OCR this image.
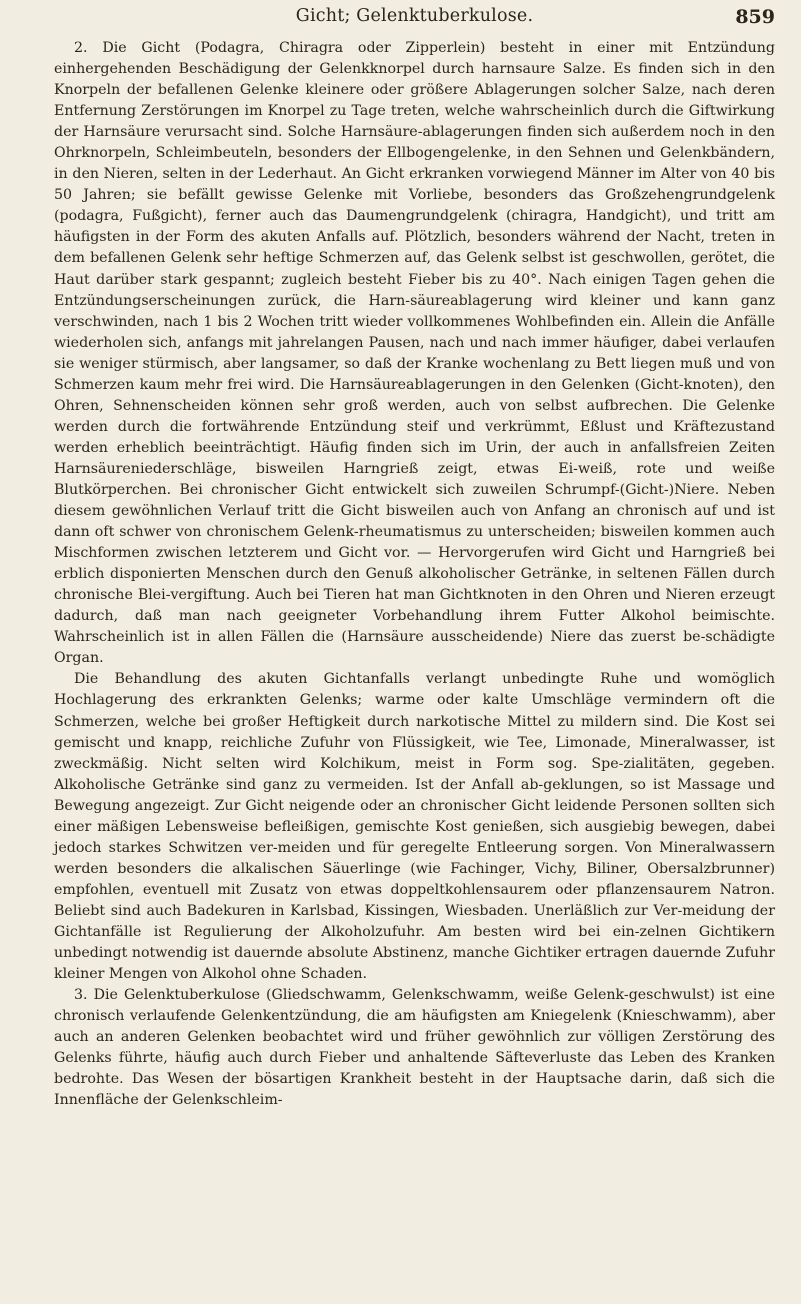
Gicht; Gelenktuberkulose.	859

2. Die Gicht (Podagra, Chiragra oder Zipperlein) besteht in einer mit Entzündung einhergehenden Beschädigung der Gelenkknorpel durch harnsaure Salze. Es finden sich in den Knorpeln der befallenen Gelenke kleinere oder größere Ablagerungen solcher Salze, nach deren Entfernung Zerstörungen im Knorpel zu Tage treten, welche wahrscheinlich durch die Giftwirkung der Harnsäure verursacht sind. Solche Harnsäure-ablagerungen finden sich außerdem noch in den Ohrknorpeln, Schleimbeuteln, besonders der Ellbogengelenke, in den Sehnen und Gelenkbändern, in den Nieren, selten in der Lederhaut. An Gicht erkranken vorwiegend Männer im Alter von 40 bis 50 Jahren; sie befällt gewisse Gelenke mit Vorliebe, besonders das Großzehengrundgelenk (podagra, Fußgicht), ferner auch das Daumengrundgelenk (chiragra, Handgicht), und tritt am häufigsten in der Form des akuten Anfalls auf. Plötzlich, besonders während der Nacht, treten in dem befallenen Gelenk sehr heftige Schmerzen auf, das Gelenk selbst ist geschwollen, gerötet, die Haut darüber stark gespannt; zugleich besteht Fieber bis zu 40°. Nach einigen Tagen gehen die Entzündungserscheinungen zurück, die Harn-säureablagerung wird kleiner und kann ganz verschwinden, nach 1 bis 2 Wochen tritt wieder vollkommenes Wohlbefinden ein. Allein die Anfälle wiederholen sich, anfangs mit jahrelangen Pausen, nach und nach immer häufiger, dabei verlaufen sie weniger stürmisch, aber langsamer, so daß der Kranke wochenlang zu Bett liegen muß und von Schmerzen kaum mehr frei wird. Die Harnsäureablagerungen in den Gelenken (Gicht-knoten), den Ohren, Sehnenscheiden können sehr groß werden, auch von selbst aufbrechen. Die Gelenke werden durch die fortwährende Entzündung steif und verkrümmt, Eßlust und Kräftezustand werden erheblich beeinträchtigt. Häufig finden sich im Urin, der auch in anfallsfreien Zeiten Harnsäureniederschläge, bisweilen Harngrieß zeigt, etwas Ei-weiß, rote und weiße Blutkörperchen. Bei chronischer Gicht entwickelt sich zuweilen Schrumpf-(Gicht-)Niere. Neben diesem gewöhnlichen Verlauf tritt die Gicht bisweilen auch von Anfang an chronisch auf und ist dann oft schwer von chronischem Gelenk-rheumatismus zu unterscheiden; bisweilen kommen auch Mischformen zwischen letzterem und Gicht vor. — Hervorgerufen wird Gicht und Harngrieß bei erblich disponierten Menschen durch den Genuß alkoholischer Getränke, in seltenen Fällen durch chronische Blei-vergiftung. Auch bei Tieren hat man Gichtknoten in den Ohren und Nieren erzeugt dadurch, daß man nach geeigneter Vorbehandlung ihrem Futter Alkohol beimischte. Wahrscheinlich ist in allen Fällen die (Harnsäure ausscheidende) Niere das zuerst be-schädigte Organ.

Die Behandlung des akuten Gichtanfalls verlangt unbedingte Ruhe und womöglich Hochlagerung des erkrankten Gelenks; warme oder kalte Umschläge vermindern oft die Schmerzen, welche bei großer Heftigkeit durch narkotische Mittel zu mildern sind. Die Kost sei gemischt und knapp, reichliche Zufuhr von Flüssigkeit, wie Tee, Limonade, Mineralwasser, ist zweckmäßig. Nicht selten wird Kolchikum, meist in Form sog. Spe-zialitäten, gegeben. Alkoholische Getränke sind ganz zu vermeiden. Ist der Anfall ab-geklungen, so ist Massage und Bewegung angezeigt. Zur Gicht neigende oder an chronischer Gicht leidende Personen sollten sich einer mäßigen Lebensweise befleißigen, gemischte Kost genießen, sich ausgiebig bewegen, dabei jedoch starkes Schwitzen ver-meiden und für geregelte Entleerung sorgen. Von Mineralwassern werden besonders die alkalischen Säuerlinge (wie Fachinger, Vichy, Biliner, Obersalzbrunner) empfohlen, eventuell mit Zusatz von etwas doppeltkohlensaurem oder pflanzensaurem Natron. Beliebt sind auch Badekuren in Karlsbad, Kissingen, Wiesbaden. Unerläßlich zur Ver-meidung der Gichtanfälle ist Regulierung der Alkoholzufuhr. Am besten wird bei ein-zelnen Gichtikern unbedingt notwendig ist dauernde absolute Abstinenz, manche Gichtiker ertragen dauernde Zufuhr kleiner Mengen von Alkohol ohne Schaden.

3. Die Gelenktuberkulose (Gliedschwamm, Gelenkschwamm, weiße Gelenk-geschwulst) ist eine chronisch verlaufende Gelenkentzündung, die am häufigsten am Kniegelenk (Knieschwamm), aber auch an anderen Gelenken beobachtet wird und früher gewöhnlich zur völligen Zerstörung des Gelenks führte, häufig auch durch Fieber und anhaltende Säfteverluste das Leben des Kranken bedrohte. Das Wesen der bösartigen Krankheit besteht in der Hauptsache darin, daß sich die Innenfläche der Gelenkschleim-
